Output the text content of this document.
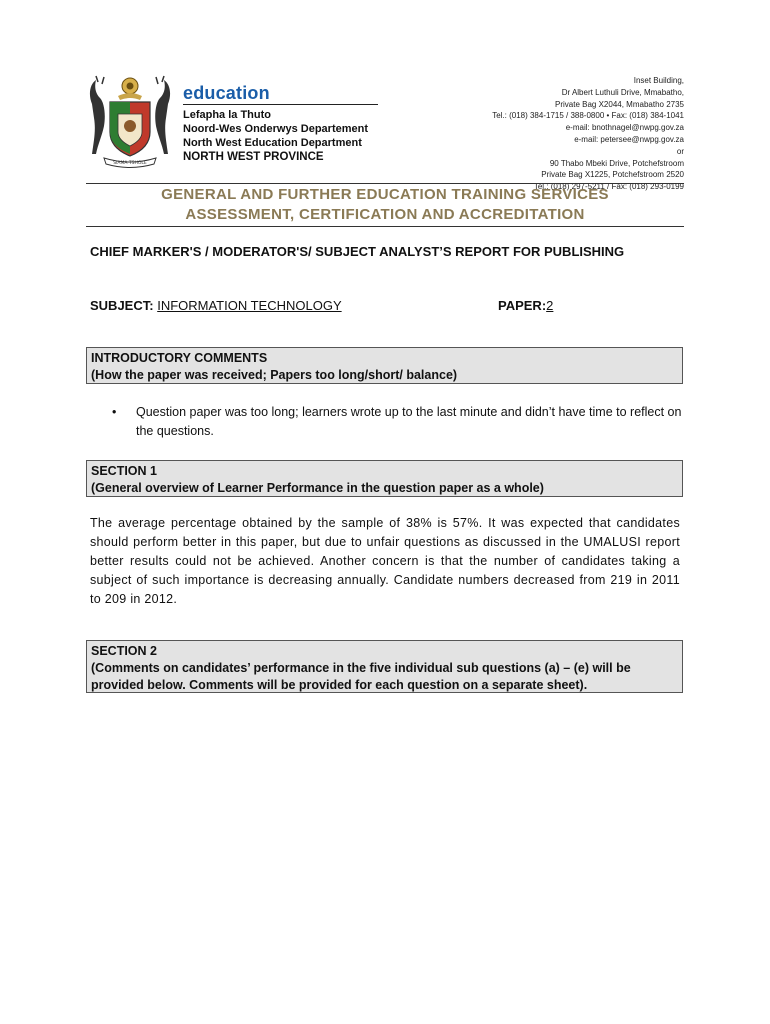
SIAMA TSHOLE
education
Lefapha la Thuto
Noord-Wes Onderwys Departement
North West Education Department
NORTH WEST PROVINCE
Inset Building,
Dr Albert Luthuli Drive, Mmabatho,
Private Bag X2044, Mmabatho 2735
Tel.: (018) 384-1715 / 388-0800 • Fax: (018) 384-1041
e-mail: bnothnagel@nwpg.gov.za
e-mail: petersee@nwpg.gov.za
or
90 Thabo Mbeki Drive, Potchefstroom
Private Bag X1225, Potchefstroom 2520
Tel.: (018) 297-5211 / Fax: (018) 293-0199
GENERAL AND FURTHER EDUCATION TRAINING SERVICES
ASSESSMENT, CERTIFICATION AND ACCREDITATION
CHIEF MARKER'S / MODERATOR'S/ SUBJECT ANALYST’S REPORT FOR PUBLISHING
SUBJECT: INFORMATION TECHNOLOGY	PAPER:2
INTRODUCTORY COMMENTS
(How the paper was received; Papers too long/short/ balance)
• Question paper was too long; learners wrote up to the last minute and didn’t have time to reflect on the questions.
SECTION 1
(General overview of Learner Performance in the question paper as a whole)
The average percentage obtained by the sample of 38% is 57%. It was expected that candidates should perform better in this paper, but due to unfair questions as discussed in the UMALUSI report better results could not be achieved. Another concern is that the number of candidates taking a subject of such importance is decreasing annually. Candidate numbers decreased from 219 in 2011 to 209 in 2012.
SECTION 2
(Comments on candidates’ performance in the five individual sub questions (a) – (e) will be provided below. Comments will be provided for each question on a separate sheet).
